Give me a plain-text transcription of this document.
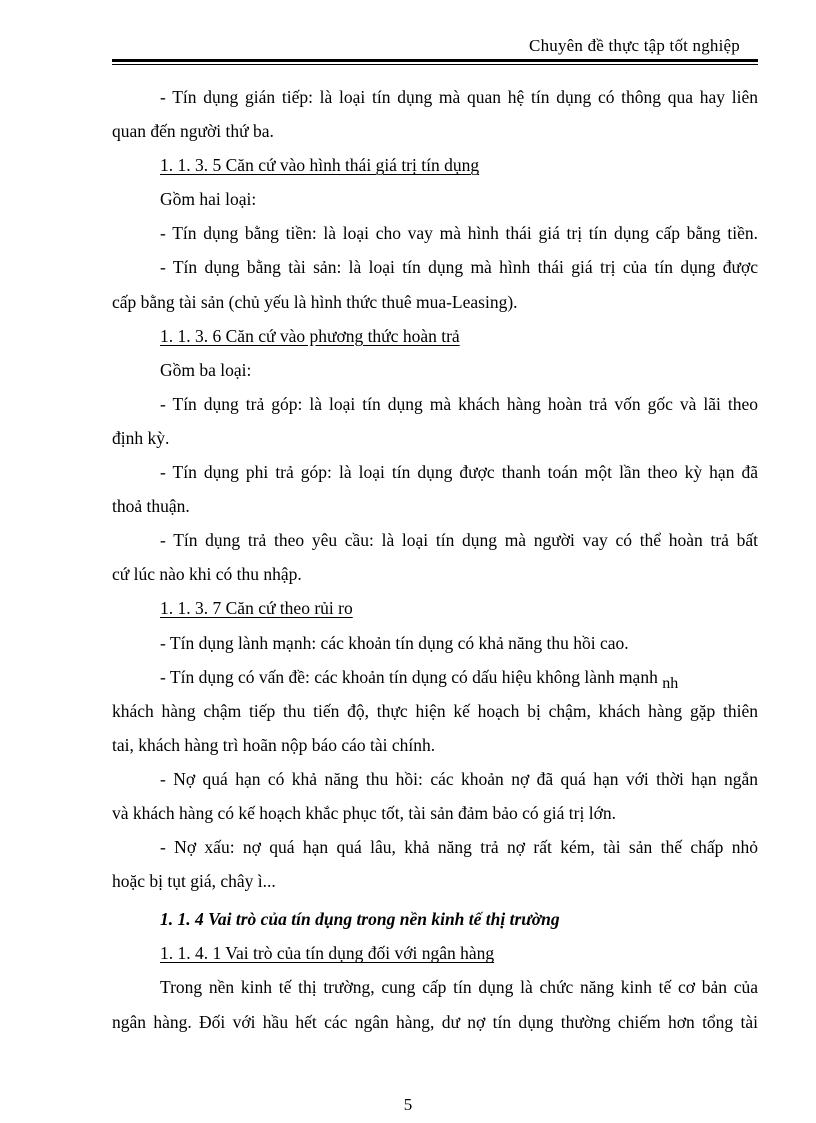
Chuyên đề thực tập tốt nghiệp
- Tín dụng gián tiếp: là loại tín dụng mà quan hệ tín dụng có thông qua hay liên
quan đến người thứ ba.
1. 1. 3. 5 Căn cứ vào hình thái giá trị tín dụng
Gồm hai loại:
- Tín dụng bằng tiền: là loại cho vay mà hình thái giá trị tín dụng cấp bằng tiền.
- Tín dụng bằng tài sản: là loại tín dụng mà hình thái giá trị của tín dụng được
cấp bằng tài sản (chủ yếu là hình thức thuê mua-Leasing).
1. 1. 3. 6 Căn cứ vào phương thức hoàn trả
Gồm ba loại:
- Tín dụng trả góp: là loại tín dụng mà khách hàng hoàn trả vốn gốc và lãi theo
định kỳ.
- Tín dụng phi trả góp: là loại tín dụng được thanh toán một lần theo kỳ hạn đã
thoả thuận.
- Tín dụng trả theo yêu cầu: là loại tín dụng mà người vay có thể hoàn trả bất
cứ lúc nào khi có thu nhập.
1. 1. 3. 7 Căn cứ theo rủi ro
- Tín dụng lành mạnh: các khoản tín dụng có khả năng thu hồi cao.
- Tín dụng có vấn đề: các khoản tín dụng có dấu hiệu không lành mạnh nh
khách hàng chậm tiếp thu tiến độ, thực hiện kế hoạch bị chậm, khách hàng gặp thiên
tai, khách hàng trì hoãn nộp báo cáo tài chính.
- Nợ quá hạn có khả năng thu hồi: các khoản nợ đã quá hạn với thời hạn ngắn
và khách hàng có kế hoạch khắc phục tốt, tài sản đảm bảo có giá trị lớn.
- Nợ xấu: nợ quá hạn quá lâu, khả năng trả nợ rất kém, tài sản thế chấp nhỏ
hoặc bị tụt giá, chây ì...
1. 1. 4 Vai trò của tín dụng trong nền kinh tế thị trường
1. 1. 4. 1 Vai trò của tín dụng đối với ngân hàng
Trong nền kinh tế thị trường, cung cấp tín dụng là chức năng kinh tế cơ bản của
ngân hàng. Đối với hầu hết các ngân hàng, dư nợ tín dụng thường chiếm hơn tổng tài
5
